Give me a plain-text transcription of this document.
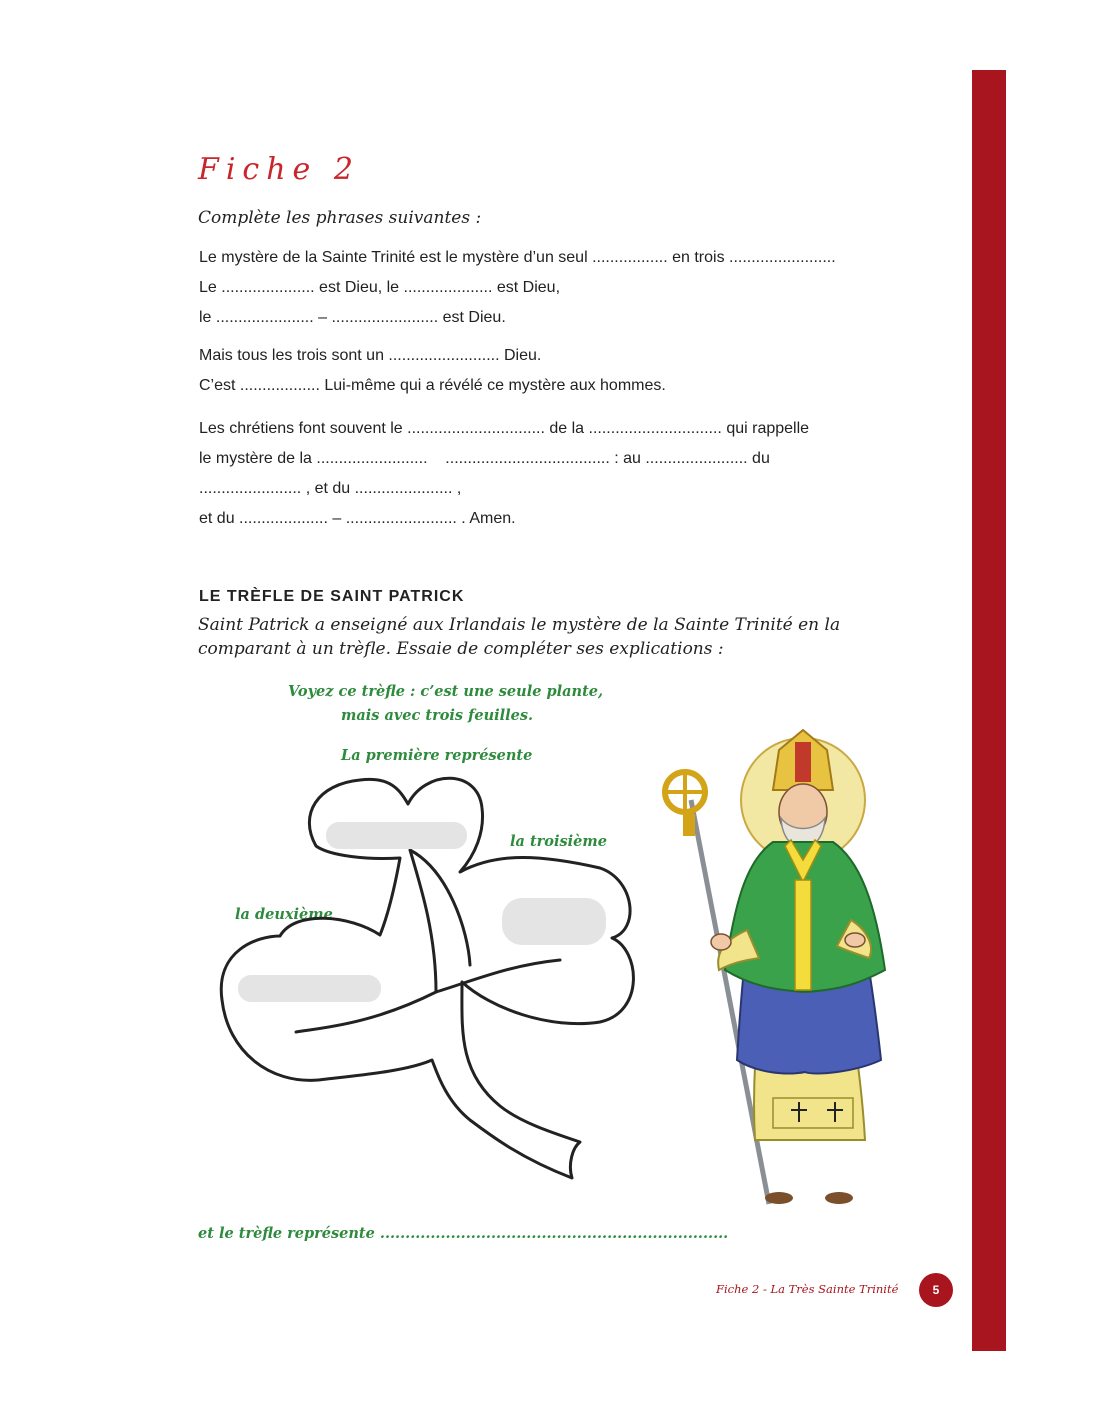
Fiche 2
Complète les phrases suivantes :
Le mystère de la Sainte Trinité est le mystère d’un seul ................. en trois ........................
Le ..................... est Dieu, le .................... est Dieu,
le ...................... – ........................ est Dieu.
Mais tous les trois sont un ......................... Dieu.
C’est .................. Lui-même qui a révélé ce mystère aux hommes.
Les chrétiens font souvent le ............................... de la .............................. qui rappelle
le mystère de la .........................    ..................................... : au ....................... du
....................... , et du ...................... ,
et du .................... – ......................... . Amen.
LE TRÈFLE DE SAINT PATRICK
Saint Patrick a enseigné aux Irlandais le mystère de la Sainte Trinité en la comparant à un trèfle. Essaie de compléter ses explications :
Voyez ce trèfle : c’est une seule plante,
mais avec trois feuilles.
La première représente
la troisième
la deuxième
et le trèfle représente .....................................................................
Fiche 2 - La Très Sainte Trinité	5
